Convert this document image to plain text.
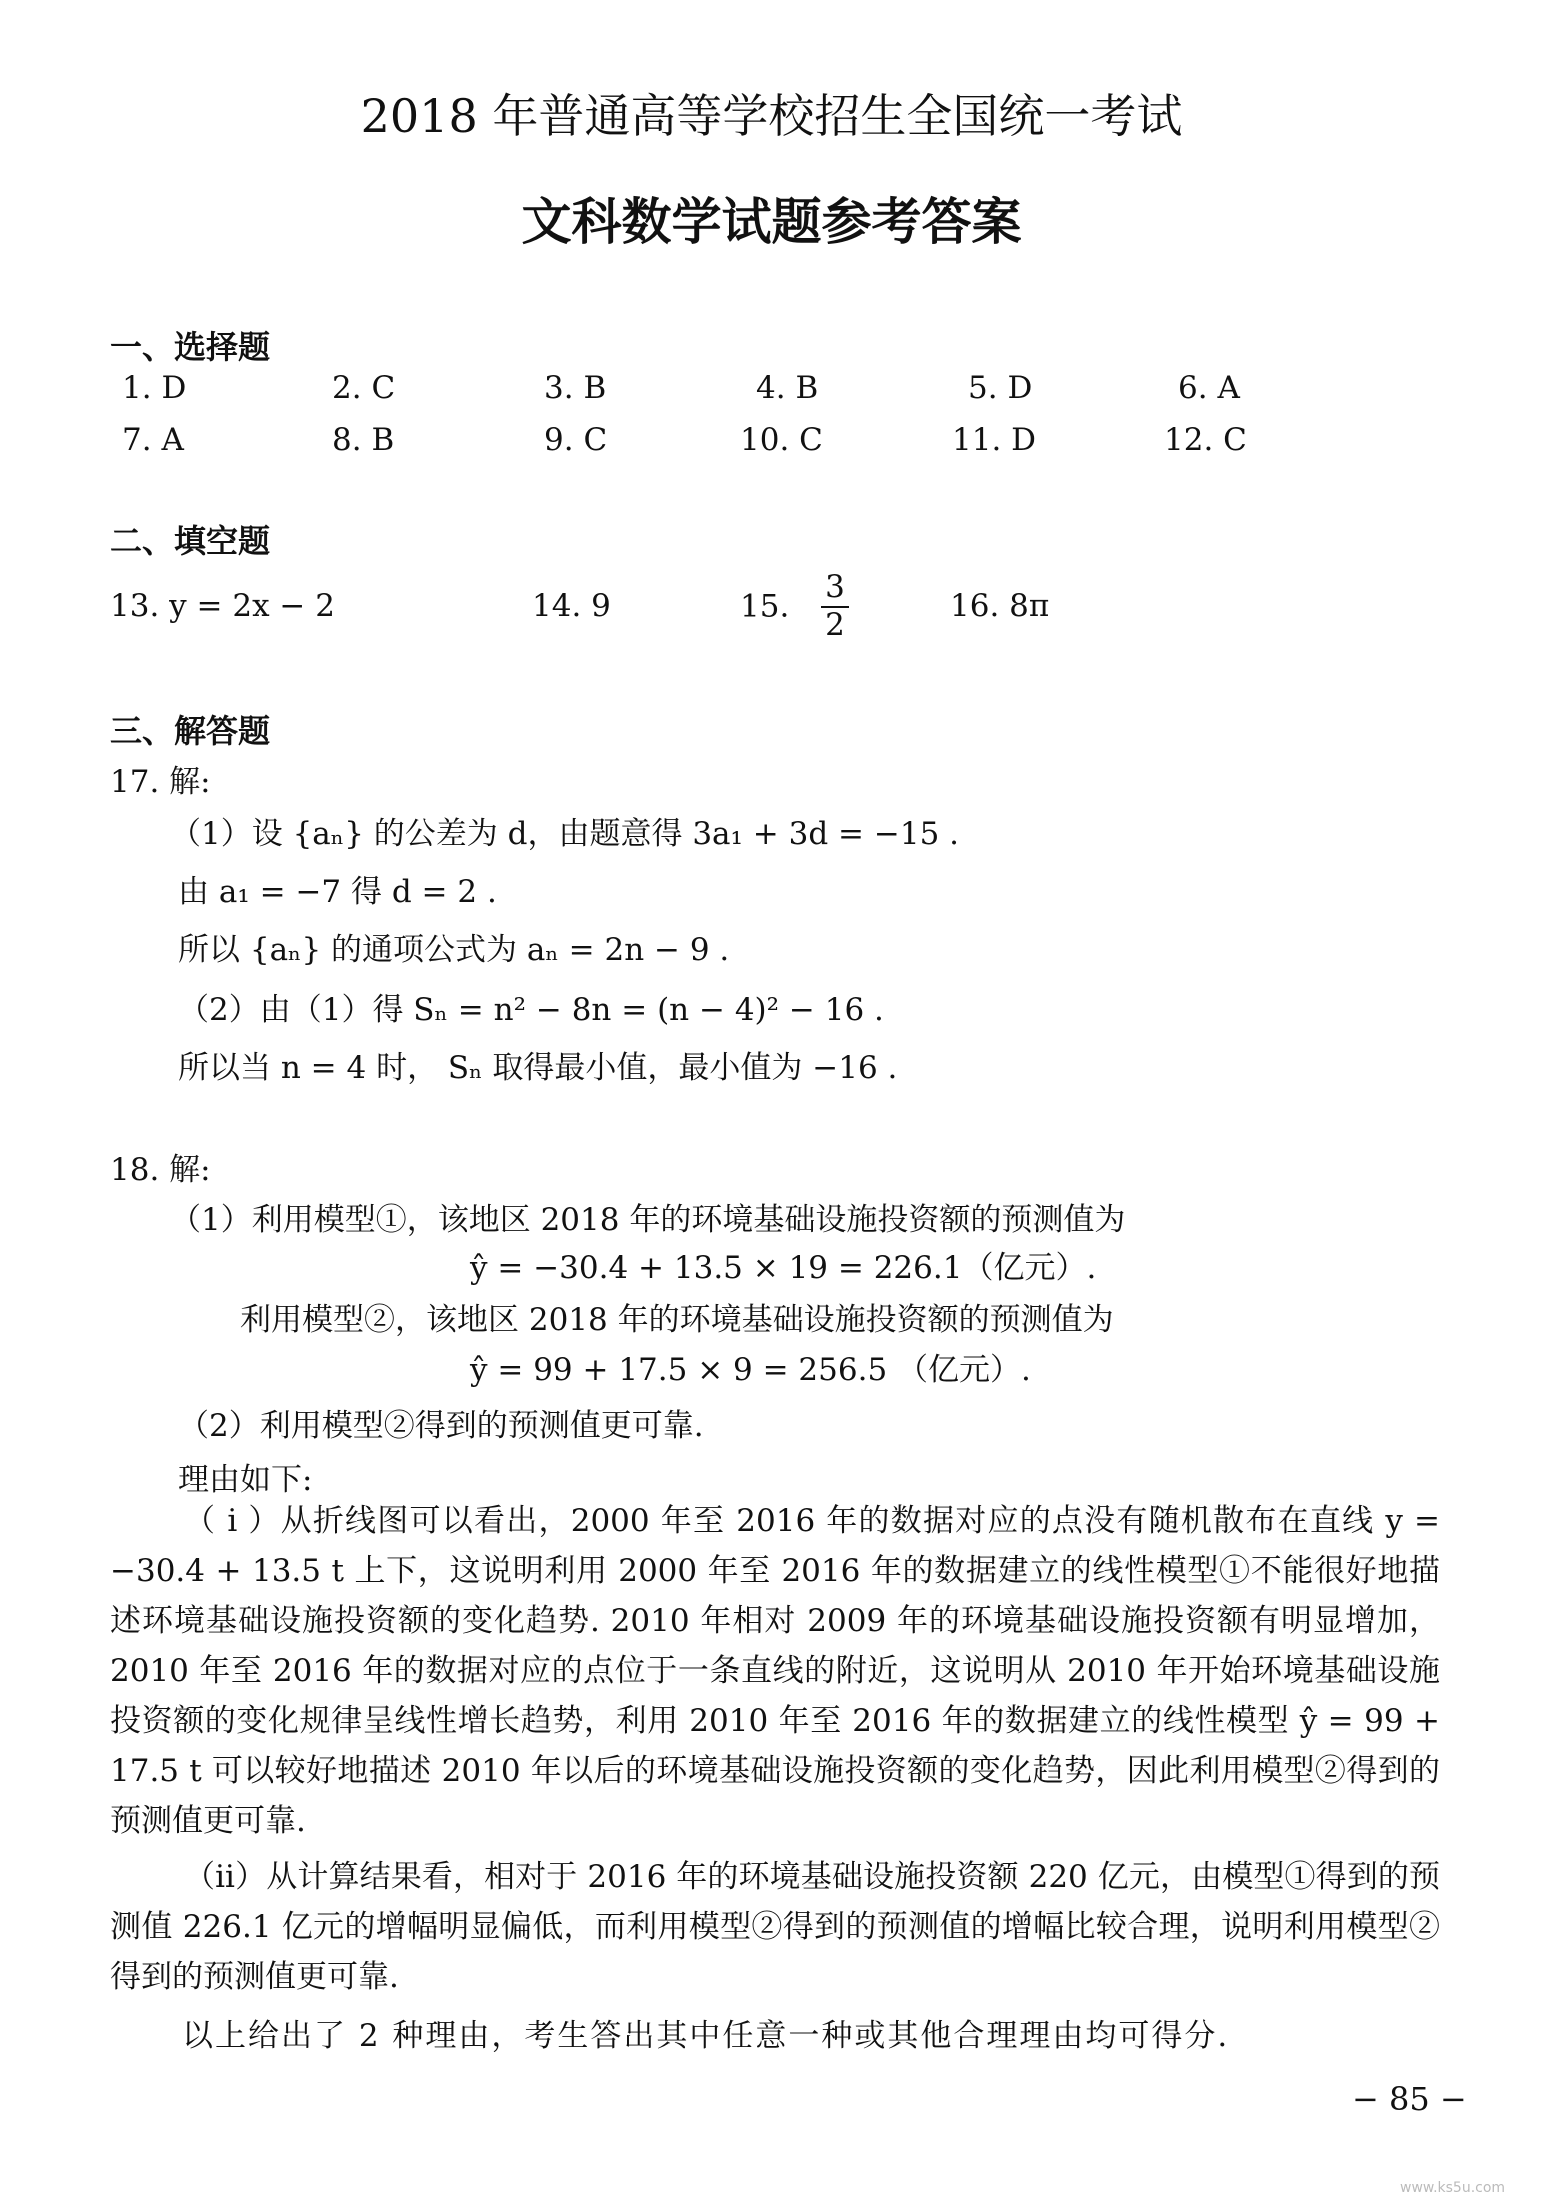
2018 年普通高等学校招生全国统一考试
文科数学试题参考答案
一、选择题
1. D	2. C	3. B	4. B	5. D	6. A
7. A	8. B	9. C	10. C	11. D	12. C
二、填空题
13. y = 2x − 2	14. 9	15. $\frac{3}{2}$	16. 8π
三、解答题
17. 解:
（1）设 {aₙ} 的公差为 d，由题意得 3a₁ + 3d = −15 .
由 a₁ = −7 得 d = 2 .
所以 {aₙ} 的通项公式为 aₙ = 2n − 9 .
（2）由（1）得 Sₙ = n² − 8n = (n − 4)² − 16 .
所以当 n = 4 时， Sₙ 取得最小值，最小值为 −16 .
18. 解:
（1）利用模型①，该地区 2018 年的环境基础设施投资额的预测值为
ŷ = −30.4 + 13.5 × 19 = 226.1（亿元）.
利用模型②，该地区 2018 年的环境基础设施投资额的预测值为
ŷ = 99 + 17.5 × 9 = 256.5 （亿元）.
（2）利用模型②得到的预测值更可靠.
理由如下:
（ i ）从折线图可以看出，2000 年至 2016 年的数据对应的点没有随机散布在直线 y = −30.4 + 13.5 t 上下，这说明利用 2000 年至 2016 年的数据建立的线性模型①不能很好地描述环境基础设施投资额的变化趋势. 2010 年相对 2009 年的环境基础设施投资额有明显增加，2010 年至 2016 年的数据对应的点位于一条直线的附近，这说明从 2010 年开始环境基础设施投资额的变化规律呈线性增长趋势，利用 2010 年至 2016 年的数据建立的线性模型 ŷ = 99 + 17.5 t 可以较好地描述 2010 年以后的环境基础设施投资额的变化趋势，因此利用模型②得到的预测值更可靠.
（ii）从计算结果看，相对于 2016 年的环境基础设施投资额 220 亿元，由模型①得到的预测值 226.1 亿元的增幅明显偏低，而利用模型②得到的预测值的增幅比较合理，说明利用模型②得到的预测值更可靠.
以上给出了 2 种理由，考生答出其中任意一种或其他合理理由均可得分.
− 85 −
www.ks5u.com
